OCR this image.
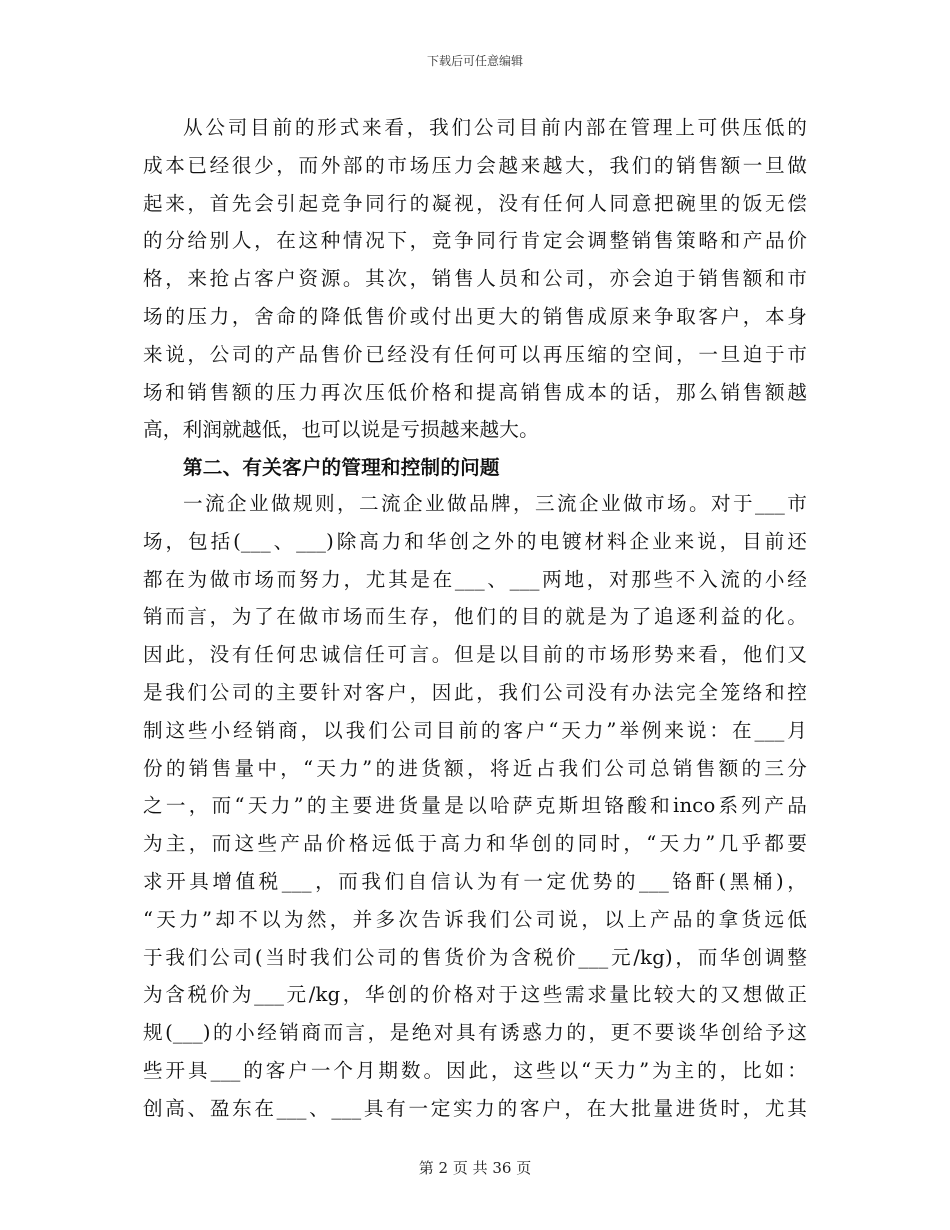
下载后可任意编辑
从公司目前的形式来看，我们公司目前内部在管理上可供压低的
成本已经很少，而外部的市场压力会越来越大，我们的销售额一旦做
起来，首先会引起竞争同行的凝视，没有任何人同意把碗里的饭无偿
的分给别人，在这种情况下，竞争同行肯定会调整销售策略和产品价
格，来抢占客户资源。其次，销售人员和公司，亦会迫于销售额和市
场的压力，舍命的降低售价或付出更大的销售成原来争取客户，本身
来说，公司的产品售价已经没有任何可以再压缩的空间，一旦迫于市
场和销售额的压力再次压低价格和提高销售成本的话，那么销售额越
高，利润就越低，也可以说是亏损越来越大。
第二、有关客户的管理和控制的问题
一流企业做规则，二流企业做品牌，三流企业做市场。对于___市
场，包括(___、___)除高力和华创之外的电镀材料企业来说，目前还
都在为做市场而努力，尤其是在___、___两地，对那些不入流的小经
销而言，为了在做市场而生存，他们的目的就是为了追逐利益的化。
因此，没有任何忠诚信任可言。但是以目前的市场形势来看，他们又
是我们公司的主要针对客户，因此，我们公司没有办法完全笼络和控
制这些小经销商，以我们公司目前的客户“天力”举例来说：在___月
份的销售量中，“天力”的进货额，将近占我们公司总销售额的三分
之一，而“天力”的主要进货量是以哈萨克斯坦铬酸和inco系列产品
为主，而这些产品价格远低于高力和华创的同时，“天力”几乎都要
求开具增值税___，而我们自信认为有一定优势的___铬酐(黑桶)，
“天力”却不以为然，并多次告诉我们公司说，以上产品的拿货远低
于我们公司(当时我们公司的售货价为含税价___元/kg)，而华创调整
为含税价为___元/kg，华创的价格对于这些需求量比较大的又想做正
规(___)的小经销商而言，是绝对具有诱惑力的，更不要谈华创给予这
些开具___的客户一个月期数。因此，这些以“天力”为主的，比如：
创高、盈东在___、___具有一定实力的客户，在大批量进货时，尤其
第 2 页 共 36 页
